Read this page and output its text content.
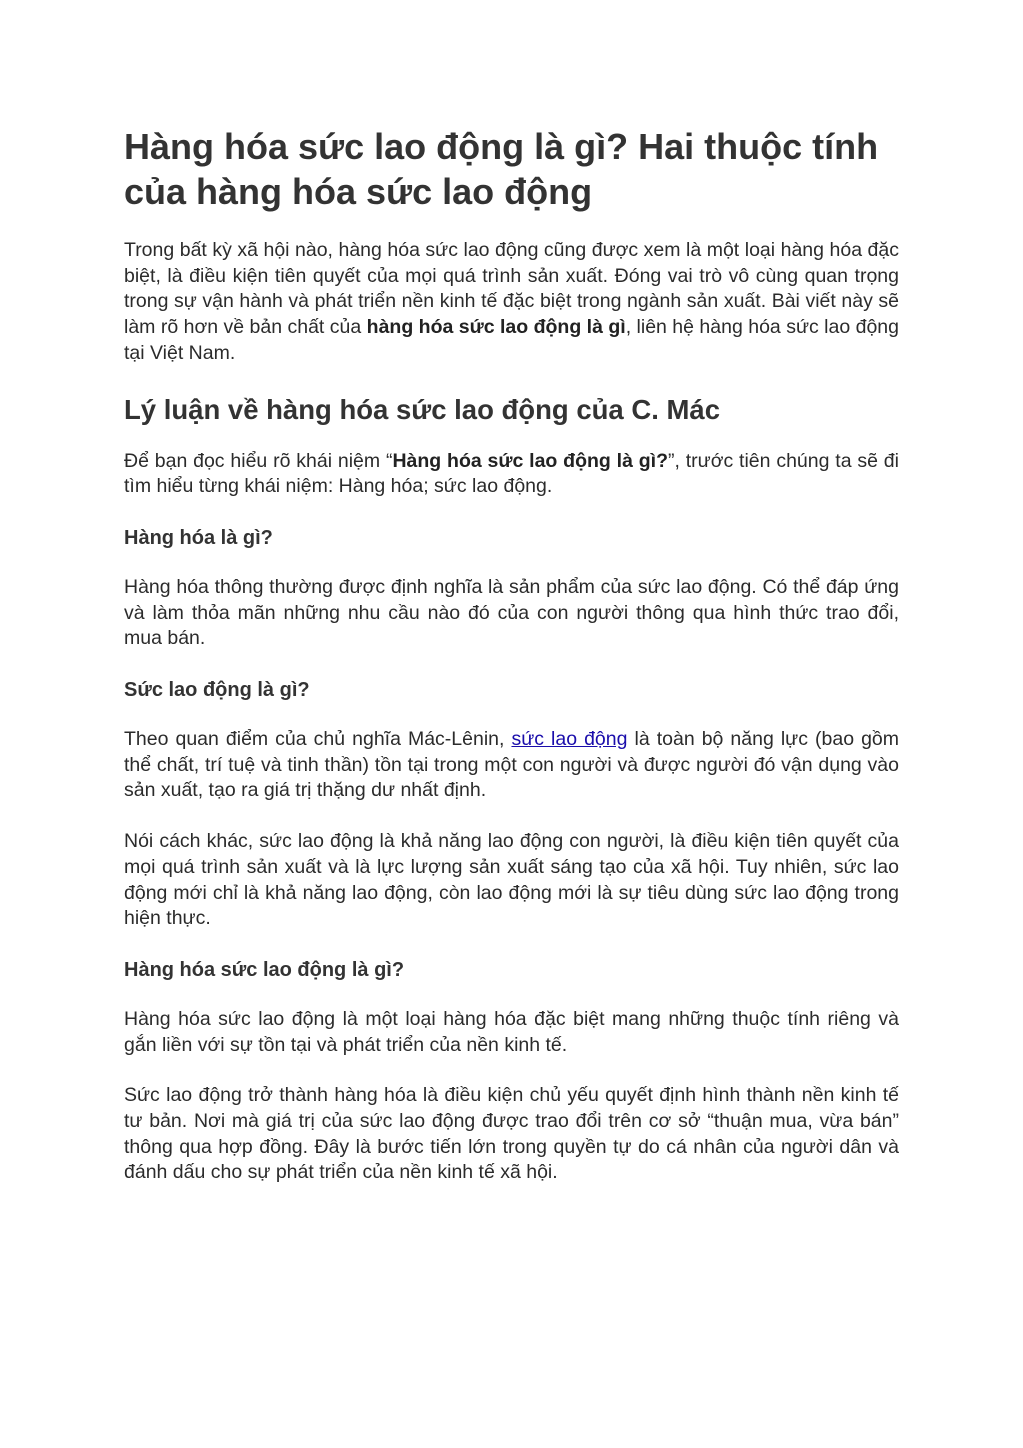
Hàng hóa sức lao động là gì? Hai thuộc tính của hàng hóa sức lao động

Trong bất kỳ xã hội nào, hàng hóa sức lao động cũng được xem là một loại hàng hóa đặc biệt, là điều kiện tiên quyết của mọi quá trình sản xuất. Đóng vai trò vô cùng quan trọng trong sự vận hành và phát triển nền kinh tế đặc biệt trong ngành sản xuất. Bài viết này sẽ làm rõ hơn về bản chất của hàng hóa sức lao động là gì, liên hệ hàng hóa sức lao động tại Việt Nam.

Lý luận về hàng hóa sức lao động của C. Mác

Để bạn đọc hiểu rõ khái niệm “Hàng hóa sức lao động là gì?”, trước tiên chúng ta sẽ đi tìm hiểu từng khái niệm: Hàng hóa; sức lao động.

Hàng hóa là gì?

Hàng hóa thông thường được định nghĩa là sản phẩm của sức lao động. Có thể đáp ứng và làm thỏa mãn những nhu cầu nào đó của con người thông qua hình thức trao đổi, mua bán.

Sức lao động là gì?

Theo quan điểm của chủ nghĩa Mác-Lênin, sức lao động là toàn bộ năng lực (bao gồm thể chất, trí tuệ và tinh thần) tồn tại trong một con người và được người đó vận dụng vào sản xuất, tạo ra giá trị thặng dư nhất định.

Nói cách khác, sức lao động là khả năng lao động con người, là điều kiện tiên quyết của mọi quá trình sản xuất và là lực lượng sản xuất sáng tạo của xã hội. Tuy nhiên, sức lao động mới chỉ là khả năng lao động, còn lao động mới là sự tiêu dùng sức lao động trong hiện thực.

Hàng hóa sức lao động là gì?

Hàng hóa sức lao động là một loại hàng hóa đặc biệt mang những thuộc tính riêng và gắn liền với sự tồn tại và phát triển của nền kinh tế.

Sức lao động trở thành hàng hóa là điều kiện chủ yếu quyết định hình thành nền kinh tế tư bản. Nơi mà giá trị của sức lao động được trao đổi trên cơ sở “thuận mua, vừa bán” thông qua hợp đồng. Đây là bước tiến lớn trong quyền tự do cá nhân của người dân và đánh dấu cho sự phát triển của nền kinh tế xã hội.
